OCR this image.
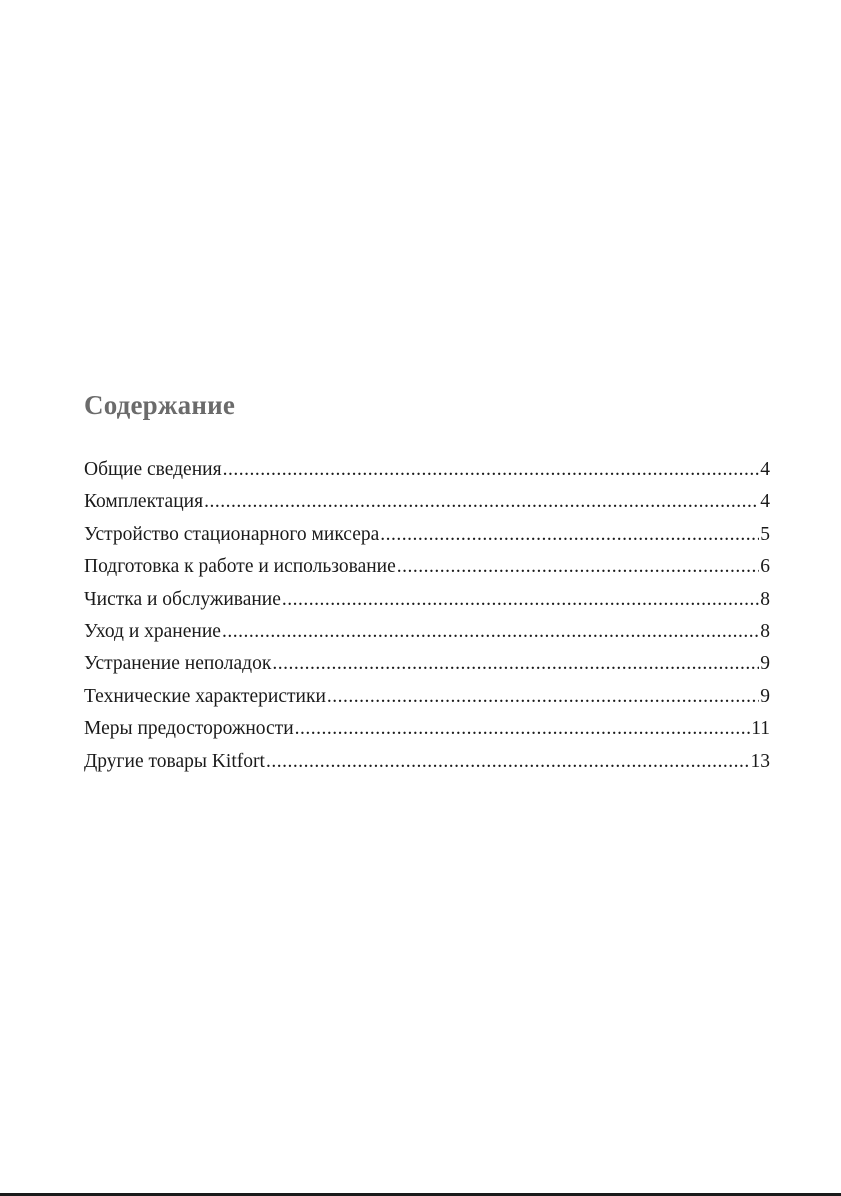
Содержание
Общие сведения .....	4
Комплектация .....	4
Устройство стационарного миксера .....	5
Подготовка к работе и использование .....	6
Чистка и обслуживание .....	8
Уход и хранение .....	8
Устранение неполадок .....	9
Технические характеристики .....	9
Меры предосторожности .....	11
Другие товары Kitfort .....	13
